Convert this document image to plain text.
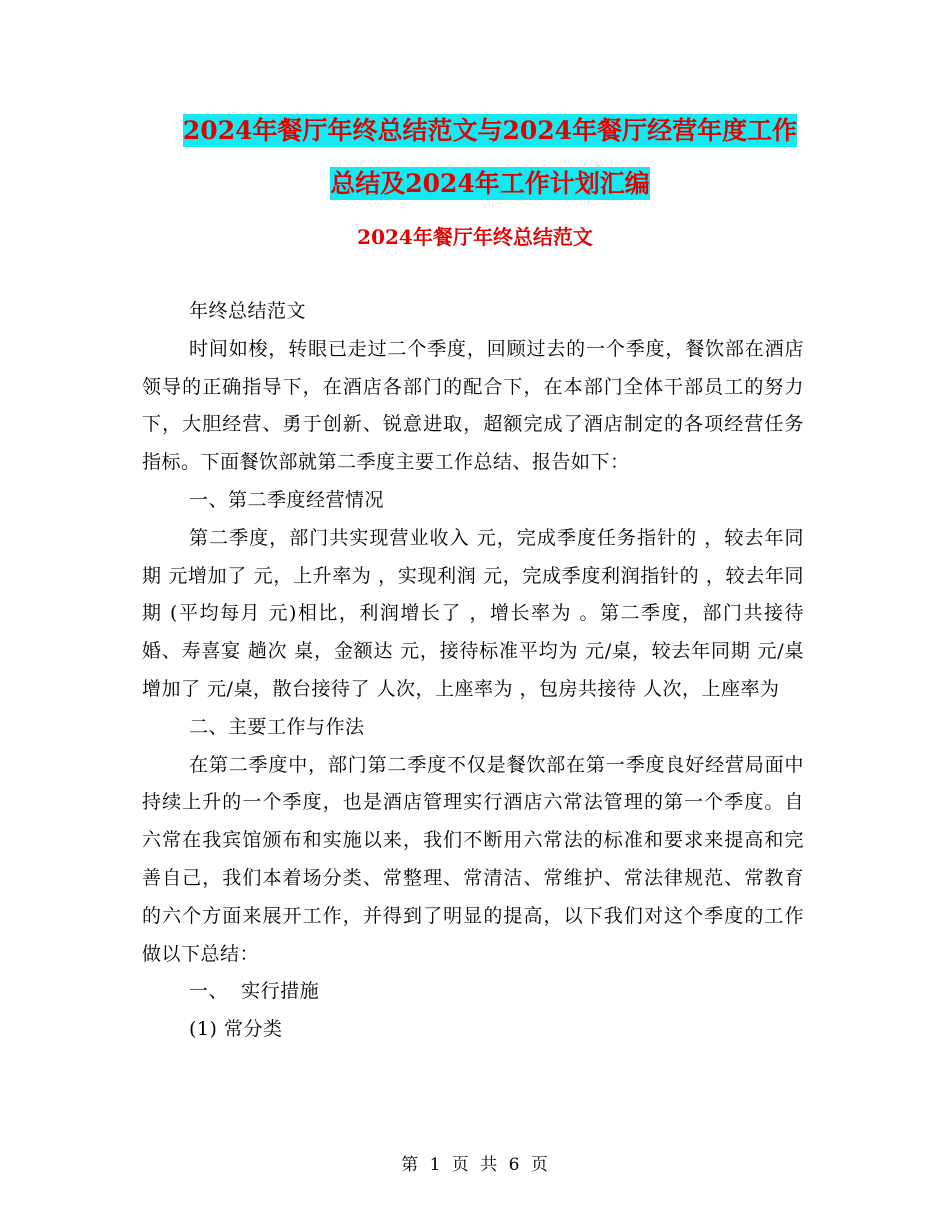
2024年餐厅年终总结范文与2024年餐厅经营年度工作
总结及2024年工作计划汇编
2024年餐厅年终总结范文

年终总结范文

时间如梭，转眼已走过二个季度，回顾过去的一个季度，餐饮部在酒店领导的正确指导下，在酒店各部门的配合下，在本部门全体干部员工的努力下，大胆经营、勇于创新、锐意进取，超额完成了酒店制定的各项经营任务指标。下面餐饮部就第二季度主要工作总结、报告如下：

一、第二季度经营情况

第二季度，部门共实现营业收入 元，完成季度任务指针的 ，较去年同期 元增加了 元，上升率为 ，实现利润 元，完成季度利润指针的 ，较去年同期 (平均每月 元)相比，利润增长了 ，增长率为 。第二季度，部门共接待婚、寿喜宴 趟次 桌，金额达 元，接待标准平均为 元/桌，较去年同期 元/桌增加了 元/桌，散台接待了 人次，上座率为 ，包房共接待 人次，上座率为

二、主要工作与作法

在第二季度中，部门第二季度不仅是餐饮部在第一季度良好经营局面中持续上升的一个季度，也是酒店管理实行酒店六常法管理的第一个季度。自六常在我宾馆颁布和实施以来，我们不断用六常法的标准和要求来提高和完善自己，我们本着场分类、常整理、常清洁、常维护、常法律规范、常教育的六个方面来展开工作，并得到了明显的提高，以下我们对这个季度的工作做以下总结：

一、  实行措施

(1) 常分类

第 1 页 共 6 页
